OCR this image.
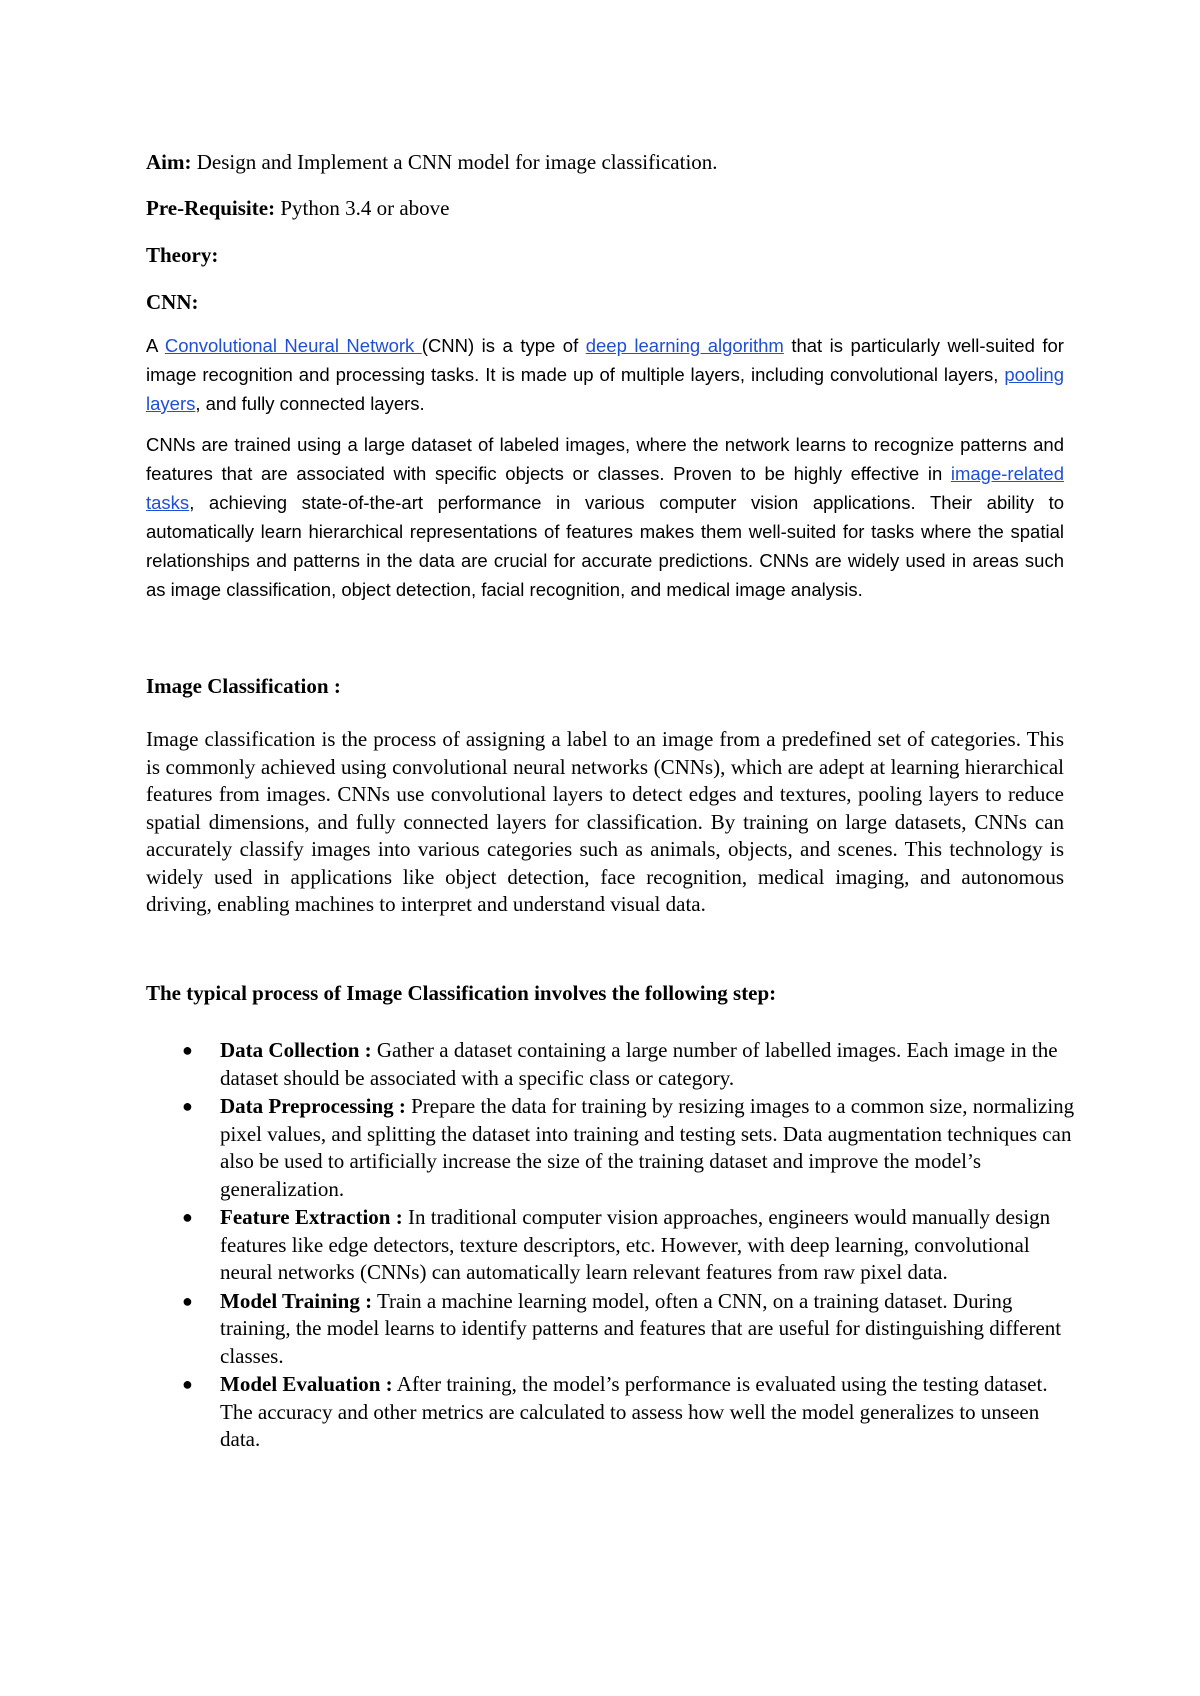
Aim: Design and Implement a CNN model for image classification.
Pre-Requisite: Python 3.4 or above
Theory:
CNN:

A Convolutional Neural Network (CNN) is a type of deep learning algorithm that is particularly well-suited for image recognition and processing tasks. It is made up of multiple layers, including convolutional layers, pooling layers, and fully connected layers.

CNNs are trained using a large dataset of labeled images, where the network learns to recognize patterns and features that are associated with specific objects or classes. Proven to be highly effective in image-related tasks, achieving state-of-the-art performance in various computer vision applications. Their ability to automatically learn hierarchical representations of features makes them well-suited for tasks where the spatial relationships and patterns in the data are crucial for accurate predictions. CNNs are widely used in areas such as image classification, object detection, facial recognition, and medical image analysis.

Image Classification :

Image classification is the process of assigning a label to an image from a predefined set of categories. This is commonly achieved using convolutional neural networks (CNNs), which are adept at learning hierarchical features from images. CNNs use convolutional layers to detect edges and textures, pooling layers to reduce spatial dimensions, and fully connected layers for classification. By training on large datasets, CNNs can accurately classify images into various categories such as animals, objects, and scenes. This technology is widely used in applications like object detection, face recognition, medical imaging, and autonomous driving, enabling machines to interpret and understand visual data.

The typical process of Image Classification involves the following step:
● Data Collection : Gather a dataset containing a large number of labelled images. Each image in the dataset should be associated with a specific class or category.
● Data Preprocessing : Prepare the data for training by resizing images to a common size, normalizing pixel values, and splitting the dataset into training and testing sets. Data augmentation techniques can also be used to artificially increase the size of the training dataset and improve the model’s generalization.
● Feature Extraction : In traditional computer vision approaches, engineers would manually design features like edge detectors, texture descriptors, etc. However, with deep learning, convolutional neural networks (CNNs) can automatically learn relevant features from raw pixel data.
● Model Training : Train a machine learning model, often a CNN, on a training dataset. During training, the model learns to identify patterns and features that are useful for distinguishing different classes.
● Model Evaluation : After training, the model’s performance is evaluated using the testing dataset. The accuracy and other metrics are calculated to assess how well the model generalizes to unseen data.
